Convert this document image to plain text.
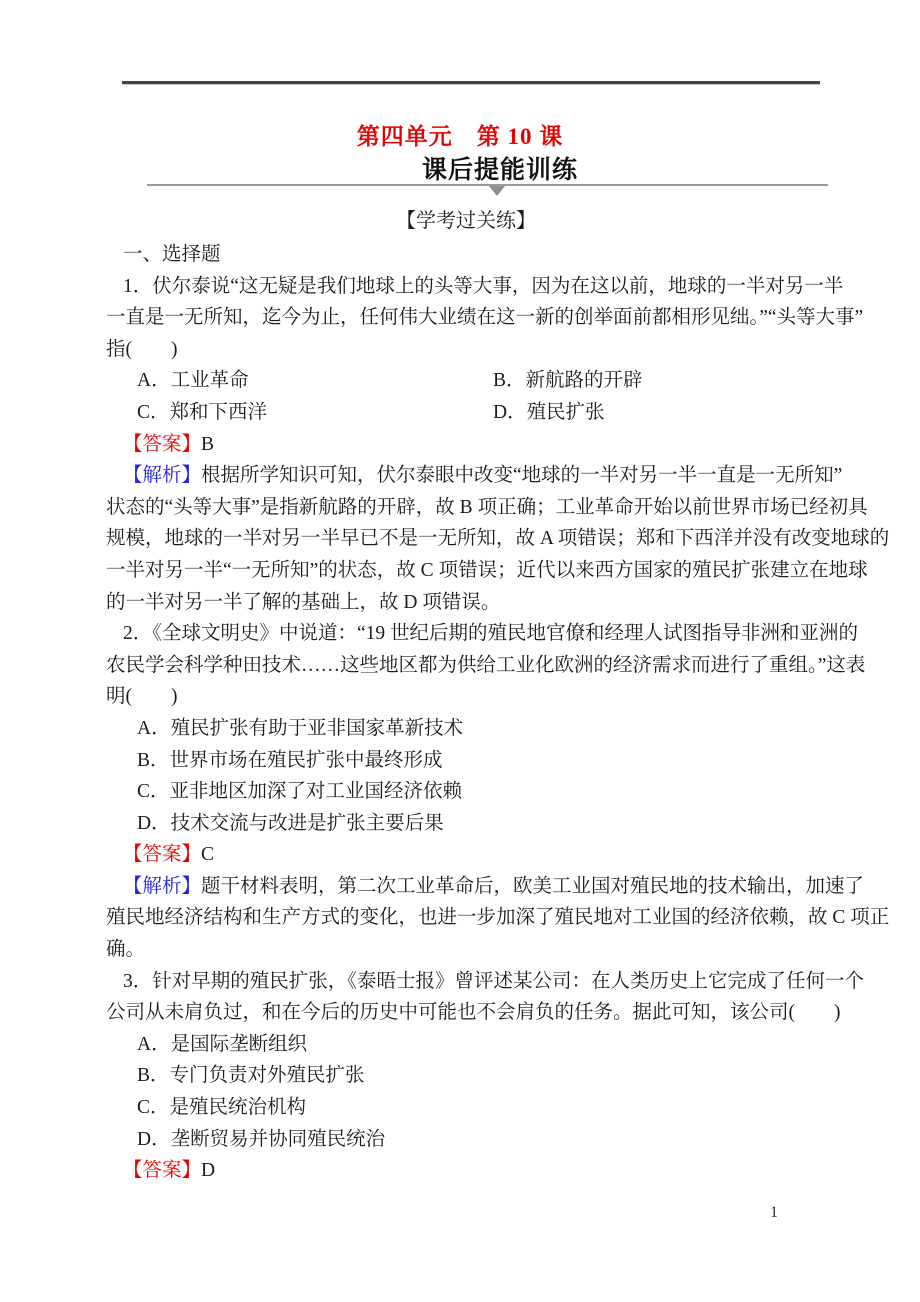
第四单元　第 10 课
课后提能训练
【学考过关练】
一、选择题
1．伏尔泰说“这无疑是我们地球上的头等大事，因为在这以前，地球的一半对另一半
一直是一无所知，迄今为止，任何伟大业绩在这一新的创举面前都相形见绌。”“头等大事”
指(　　)
A．工业革命	B．新航路的开辟
C．郑和下西洋	D．殖民扩张
【答案】B
【解析】根据所学知识可知，伏尔泰眼中改变“地球的一半对另一半一直是一无所知”
状态的“头等大事”是指新航路的开辟，故 B 项正确；工业革命开始以前世界市场已经初具
规模，地球的一半对另一半早已不是一无所知，故 A 项错误；郑和下西洋并没有改变地球的
一半对另一半“一无所知”的状态，故 C 项错误；近代以来西方国家的殖民扩张建立在地球
的一半对另一半了解的基础上，故 D 项错误。
2．《全球文明史》中说道：“19 世纪后期的殖民地官僚和经理人试图指导非洲和亚洲的
农民学会科学种田技术……这些地区都为供给工业化欧洲的经济需求而进行了重组。”这表
明(　　)
A．殖民扩张有助于亚非国家革新技术
B．世界市场在殖民扩张中最终形成
C．亚非地区加深了对工业国经济依赖
D．技术交流与改进是扩张主要后果
【答案】C
【解析】题干材料表明，第二次工业革命后，欧美工业国对殖民地的技术输出，加速了
殖民地经济结构和生产方式的变化，也进一步加深了殖民地对工业国的经济依赖，故 C 项正
确。
3．针对早期的殖民扩张，《泰晤士报》曾评述某公司：在人类历史上它完成了任何一个
公司从未肩负过，和在今后的历史中可能也不会肩负的任务。据此可知，该公司(　　)
A．是国际垄断组织
B．专门负责对外殖民扩张
C．是殖民统治机构
D．垄断贸易并协同殖民统治
【答案】D
1
